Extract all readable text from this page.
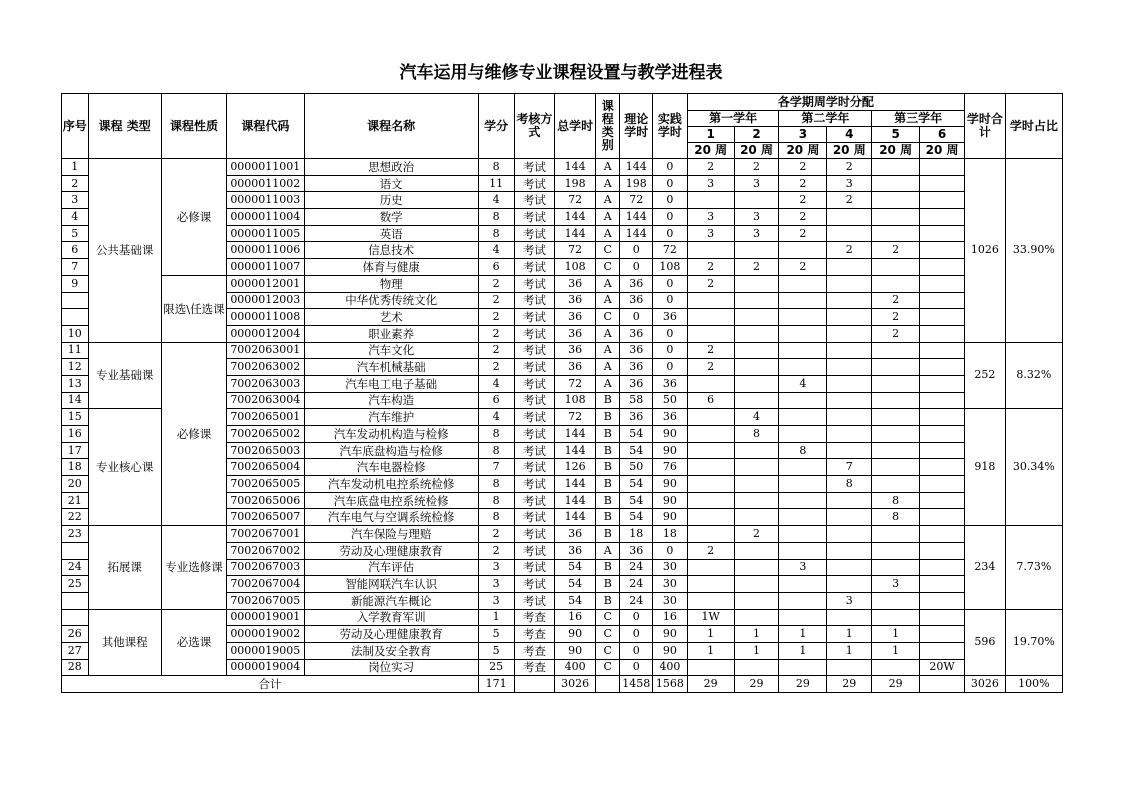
汽车运用与维修专业课程设置与教学进程表
序号	课程 类型	课程性质	课程代码	课程名称	学分	考核方式	总学时	课程类别	理论学时	实践学时	各学期周学时分配						学时合计	学时占比
											第一学年		第二学年		第三学年			
											1	2	3	4	5	6		
											20 周	20 周	20 周	20 周	20 周	20 周		
1	公共基础课	必修课	0000011001	思想政治	8	考试	144	A	144	0	2	2	2	2			1026	33.90%
2			0000011002	语文	11	考试	198	A	198	0	3	3	2	3				
3			0000011003	历史	4	考试	72	A	72	0			2	2				
4			0000011004	数学	8	考试	144	A	144	0	3	3	2					
5			0000011005	英语	8	考试	144	A	144	0	3	3	2					
6			0000011006	信息技术	4	考试	72	C	0	72				2	2			
7			0000011007	体育与健康	6	考试	108	C	0	108	2	2	2					
9		限选\任选课	0000012001	物理	2	考试	36	A	36	0	2							
			0000012003	中华优秀传统文化	2	考试	36	A	36	0					2			
			0000011008	艺术	2	考试	36	C	0	36					2			
10			0000012004	职业素养	2	考试	36	A	36	0					2			
11	专业基础课	必修课	7002063001	汽车文化	2	考试	36	A	36	0	2						252	8.32%
12			7002063002	汽车机械基础	2	考试	36	A	36	0	2							
13			7002063003	汽车电工电子基础	4	考试	72	A	36	36			4					
14			7002063004	汽车构造	6	考试	108	B	58	50	6							
15	专业核心课		7002065001	汽车维护	4	考试	72	B	36	36		4					918	30.34%
16			7002065002	汽车发动机构造与检修	8	考试	144	B	54	90		8						
17			7002065003	汽车底盘构造与检修	8	考试	144	B	54	90			8					
18			7002065004	汽车电器检修	7	考试	126	B	50	76				7				
20			7002065005	汽车发动机电控系统检修	8	考试	144	B	54	90				8				
21			7002065006	汽车底盘电控系统检修	8	考试	144	B	54	90					8			
22			7002065007	汽车电气与空调系统检修	8	考试	144	B	54	90					8			
23	拓展课	专业选修课	7002067001	汽车保险与理赔	2	考试	36	B	18	18		2					234	7.73%
			7002067002	劳动及心理健康教育	2	考试	36	A	36	0	2							
24			7002067003	汽车评估	3	考试	54	B	24	30			3					
25			7002067004	智能网联汽车认识	3	考试	54	B	24	30					3			
			7002067005	新能源汽车概论	3	考试	54	B	24	30				3				
	其他课程	必选课	0000019001	入学教育军训	1	考查	16	C	0	16	1W						596	19.70%
26			0000019002	劳动及心理健康教育	5	考查	90	C	0	90	1	1	1	1	1			
27			0000019005	法制及安全教育	5	考查	90	C	0	90	1	1	1	1	1			
28			0000019004	岗位实习	25	考查	400	C	0	400						20W		
合计					171		3026		1458	1568	29	29	29	29	29		3026	100%
